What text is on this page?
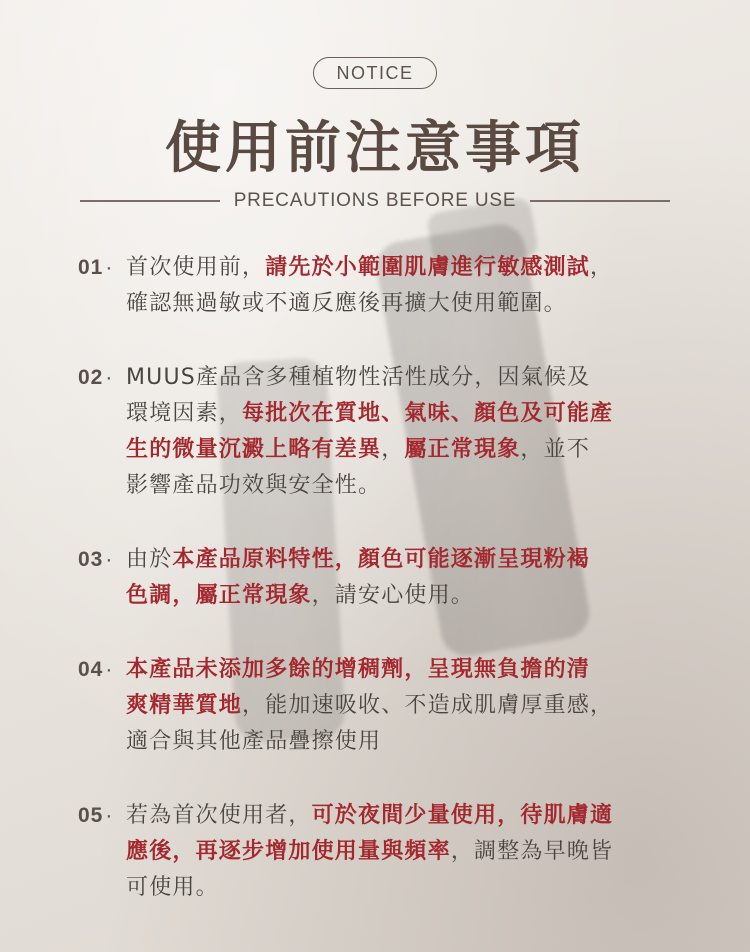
NOTICE
使用前注意事項
PRECAUTIONS BEFORE USE
01· 首次使用前，請先於小範圍肌膚進行敏感測試，
確認無過敏或不適反應後再擴大使用範圍。
02· MUUS產品含多種植物性活性成分，因氣候及
環境因素，每批次在質地、氣味、顏色及可能產
生的微量沉澱上略有差異，屬正常現象，並不
影響產品功效與安全性。
03· 由於本產品原料特性，顏色可能逐漸呈現粉褐
色調，屬正常現象，請安心使用。
04· 本產品未添加多餘的增稠劑，呈現無負擔的清
爽精華質地，能加速吸收、不造成肌膚厚重感，
適合與其他產品疊擦使用
05· 若為首次使用者，可於夜間少量使用，待肌膚適
應後，再逐步增加使用量與頻率，調整為早晚皆
可使用。
